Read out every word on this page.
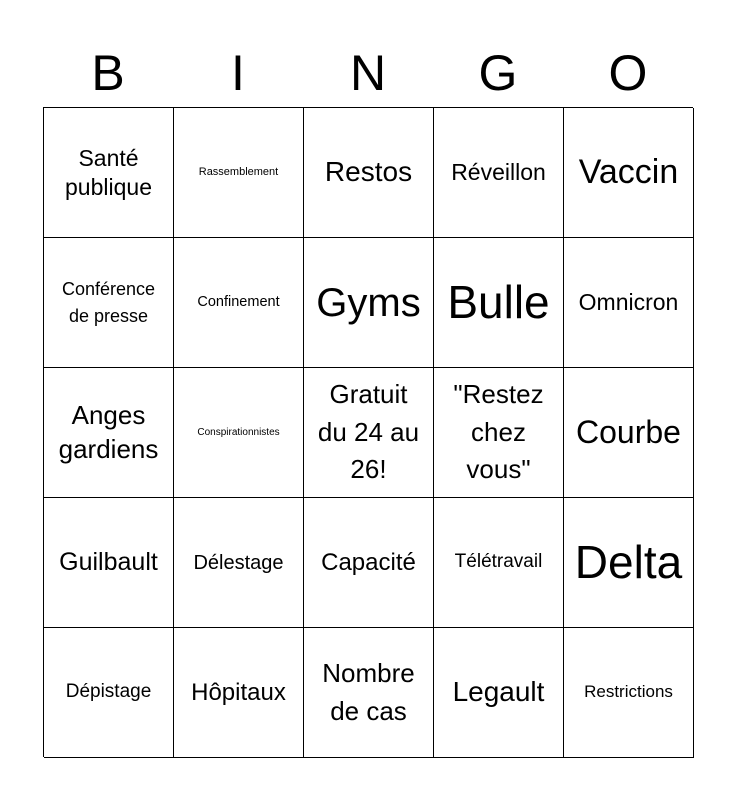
B	I	N	G	O
Santé publique
Rassemblement Restos Réveillon Vaccin
Conférence de presse
Confinement Gyms Bulle Omnicron
Anges gardiens
Conspirationnistes
Gratuit du 24 au 26!
"Restez chez vous"
Courbe
Guilbault Délestage Capacité Télétravail Delta
Dépistage Hôpitaux
Nombre de cas
Legault Restrictions
